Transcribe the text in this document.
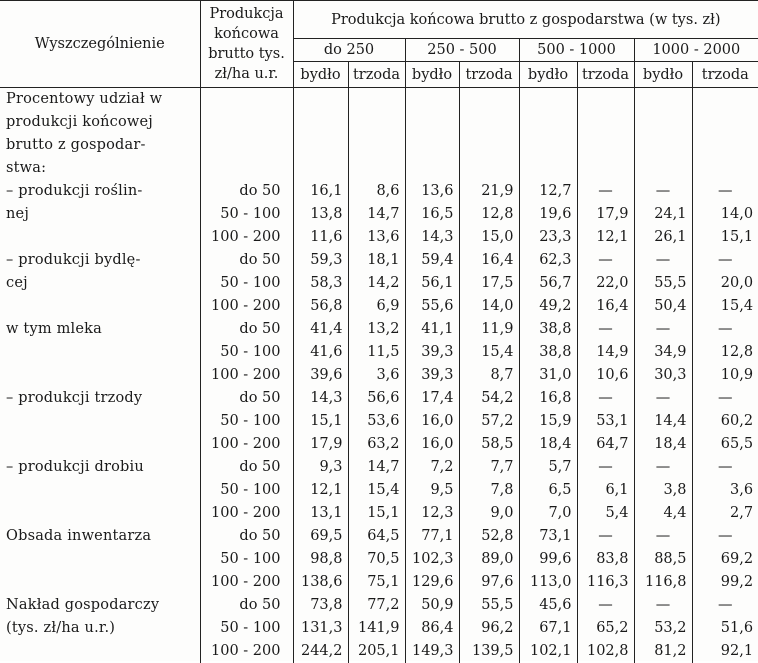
Wyszczególnienie	Produkcja końcowa brutto tys. zł/ha u.r.	Produkcja końcowa brutto z gospodarstwa (w tys. zł)							
		do 250		250 - 500		500 - 1000		1000 - 2000	
		bydło	trzoda	bydło	trzoda	bydło	trzoda	bydło	trzoda
Procentowy udział w									
produkcji końcowej									
brutto z gospodar-									
stwa:									
– produkcji roślin-	do 50	16,1	8,6	13,6	21,9	12,7	—	—	—
nej	50 - 100	13,8	14,7	16,5	12,8	19,6	17,9	24,1	14,0
	100 - 200	11,6	13,6	14,3	15,0	23,3	12,1	26,1	15,1
– produkcji bydlę-	do 50	59,3	18,1	59,4	16,4	62,3	—	—	—
cej	50 - 100	58,3	14,2	56,1	17,5	56,7	22,0	55,5	20,0
	100 - 200	56,8	6,9	55,6	14,0	49,2	16,4	50,4	15,4
w tym mleka	do 50	41,4	13,2	41,1	11,9	38,8	—	—	—
	50 - 100	41,6	11,5	39,3	15,4	38,8	14,9	34,9	12,8
	100 - 200	39,6	3,6	39,3	8,7	31,0	10,6	30,3	10,9
– produkcji trzody	do 50	14,3	56,6	17,4	54,2	16,8	—	—	—
	50 - 100	15,1	53,6	16,0	57,2	15,9	53,1	14,4	60,2
	100 - 200	17,9	63,2	16,0	58,5	18,4	64,7	18,4	65,5
– produkcji drobiu	do 50	9,3	14,7	7,2	7,7	5,7	—	—	—
	50 - 100	12,1	15,4	9,5	7,8	6,5	6,1	3,8	3,6
	100 - 200	13,1	15,1	12,3	9,0	7,0	5,4	4,4	2,7
Obsada inwentarza	do 50	69,5	64,5	77,1	52,8	73,1	—	—	—
	50 - 100	98,8	70,5	102,3	89,0	99,6	83,8	88,5	69,2
	100 - 200	138,6	75,1	129,6	97,6	113,0	116,3	116,8	99,2
Nakład gospodarczy	do 50	73,8	77,2	50,9	55,5	45,6	—	—	—
(tys. zł/ha u.r.)	50 - 100	131,3	141,9	86,4	96,2	67,1	65,2	53,2	51,6
	100 - 200	244,2	205,1	149,3	139,5	102,1	102,8	81,2	92,1
